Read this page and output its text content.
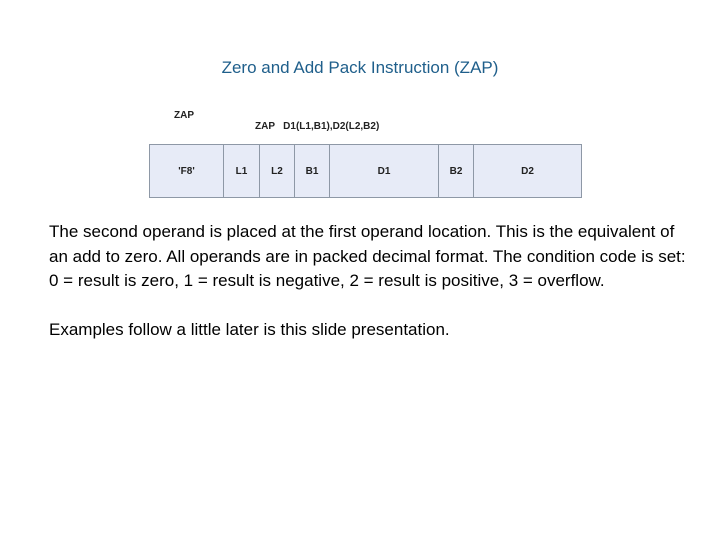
Zero and Add Pack Instruction (ZAP)
ZAP
ZAP D1(L1,B1),D2(L2,B2)
'F8'	L1	L2	B1	D1	B2	D2

The second operand is placed at the first operand location. This is the equivalent of an add to zero. All operands are in packed decimal format. The condition code is set: 0 = result is zero, 1 = result is negative, 2 = result is positive, 3 = overflow.

Examples follow a little later is this slide presentation.
